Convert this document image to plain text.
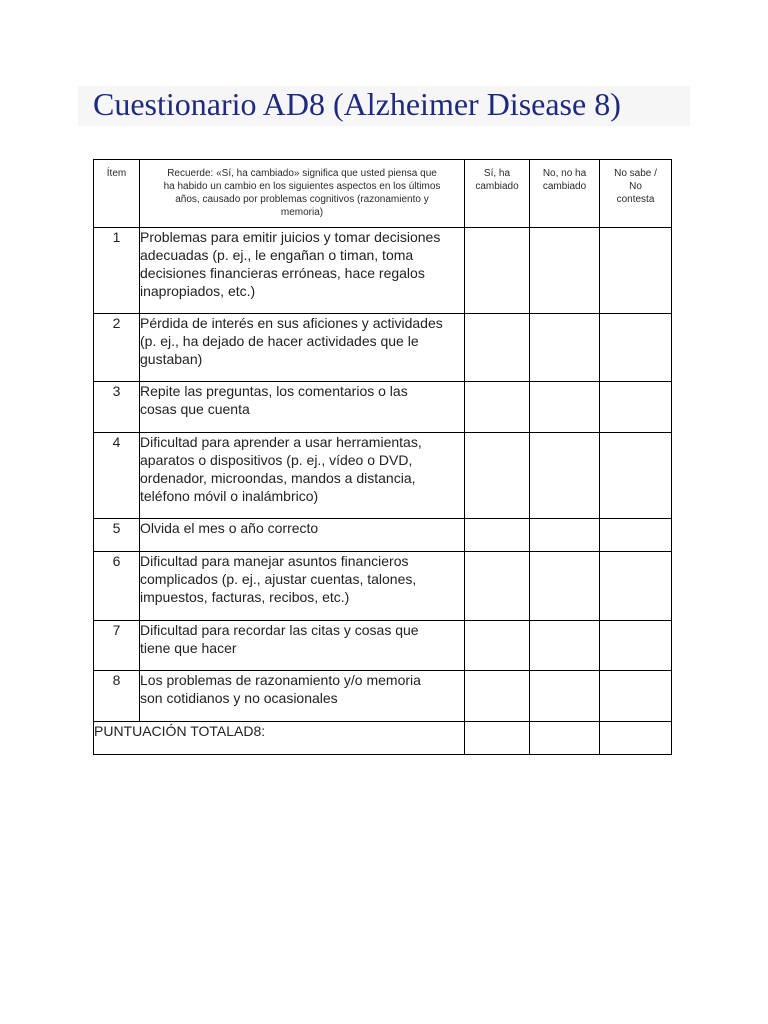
Cuestionario AD8 (Alzheimer Disease 8)
Ítem	Recuerde: «Sí, ha cambiado» significa que usted piensa que
ha habido un cambio en los siguientes aspectos en los últimos
años, causado por problemas cognitivos (razonamiento y
memoria)	Sí, ha
cambiado	No, no ha
cambiado	No sabe /
No
contesta

1	Problemas para emitir juicios y tomar decisiones
adecuadas (p. ej., le engañan o timan, toma
decisiones financieras erróneas, hace regalos
inapropiados, etc.)			

2	Pérdida de interés en sus aficiones y actividades
(p. ej., ha dejado de hacer actividades que le
gustaban)			

3	Repite las preguntas, los comentarios o las
cosas que cuenta			

4	Dificultad para aprender a usar herramientas,
aparatos o dispositivos (p. ej., vídeo o DVD,
ordenador, microondas, mandos a distancia,
teléfono móvil o inalámbrico)			

5	Olvida el mes o año correcto			

6	Dificultad para manejar asuntos financieros
complicados (p. ej., ajustar cuentas, talones,
impuestos, facturas, recibos, etc.)			

7	Dificultad para recordar las citas y cosas que
tiene que hacer			

8	Los problemas de razonamiento y/o memoria
son cotidianos y no ocasionales			

PUNTUACIÓN TOTALAD8:				
